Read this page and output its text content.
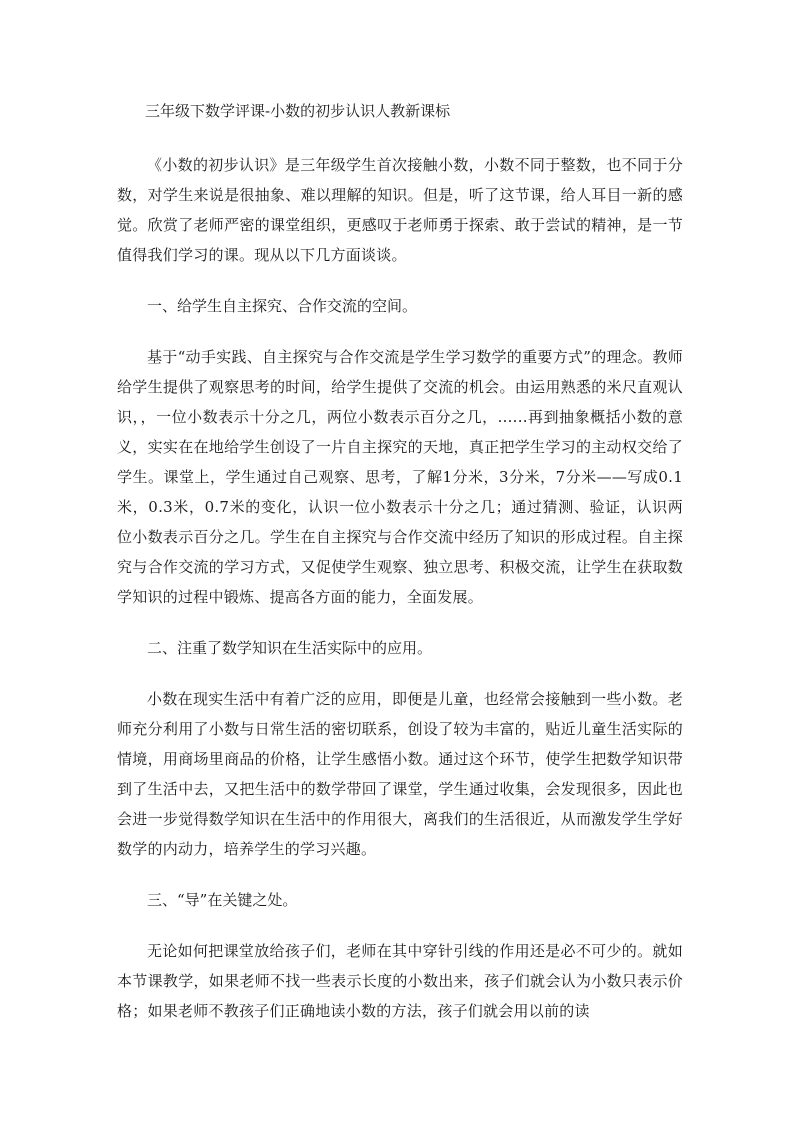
三年级下数学评课-小数的初步认识人教新课标

《小数的初步认识》是三年级学生首次接触小数，小数不同于整数，也不同于分数，对学生来说是很抽象、难以理解的知识。但是，听了这节课，给人耳目一新的感觉。欣赏了老师严密的课堂组织，更感叹于老师勇于探索、敢于尝试的精神，是一节值得我们学习的课。现从以下几方面谈谈。

一、给学生自主探究、合作交流的空间。

基于“动手实践、自主探究与合作交流是学生学习数学的重要方式”的理念。教师给学生提供了观察思考的时间，给学生提供了交流的机会。由运用熟悉的米尺直观认识，，一位小数表示十分之几，两位小数表示百分之几，......再到抽象概括小数的意义，实实在在地给学生创设了一片自主探究的天地，真正把学生学习的主动权交给了学生。课堂上，学生通过自己观察、思考，了解1分米，3分米，7分米——写成0.1米，0.3米，0.7米的变化，认识一位小数表示十分之几；通过猜测、验证，认识两位小数表示百分之几。学生在自主探究与合作交流中经历了知识的形成过程。自主探究与合作交流的学习方式，又促使学生观察、独立思考、积极交流，让学生在获取数学知识的过程中锻炼、提高各方面的能力，全面发展。

二、注重了数学知识在生活实际中的应用。

小数在现实生活中有着广泛的应用，即便是儿童，也经常会接触到一些小数。老师充分利用了小数与日常生活的密切联系，创设了较为丰富的，贴近儿童生活实际的情境，用商场里商品的价格，让学生感悟小数。通过这个环节，使学生把数学知识带到了生活中去，又把生活中的数学带回了课堂，学生通过收集，会发现很多，因此也会进一步觉得数学知识在生活中的作用很大，离我们的生活很近，从而激发学生学好数学的内动力，培养学生的学习兴趣。

三、“导”在关键之处。

无论如何把课堂放给孩子们，老师在其中穿针引线的作用还是必不可少的。就如本节课教学，如果老师不找一些表示长度的小数出来，孩子们就会认为小数只表示价格；如果老师不教孩子们正确地读小数的方法，孩子们就会用以前的读
